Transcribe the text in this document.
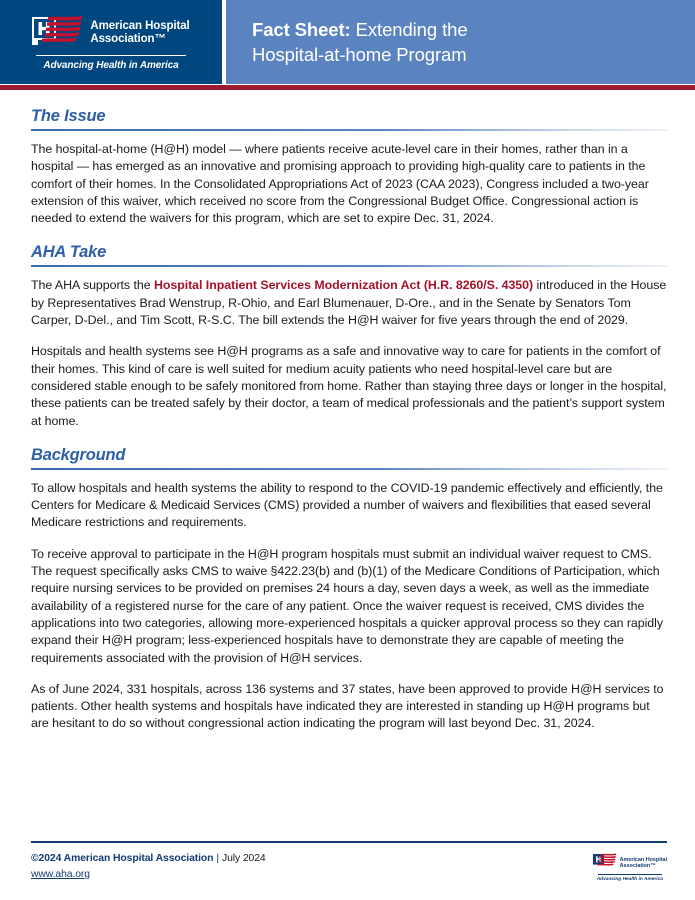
American Hospital
Association™
Advancing Health in America
Fact Sheet: Extending the
Hospital-at-home Program
The Issue

The hospital-at-home (H@H) model — where patients receive acute-level care in their homes, rather than in a hospital — has emerged as an innovative and promising approach to providing high-quality care to patients in the comfort of their homes. In the Consolidated Appropriations Act of 2023 (CAA 2023), Congress included a two-year extension of this waiver, which received no score from the Congressional Budget Office. Congressional action is needed to extend the waivers for this program, which are set to expire Dec. 31, 2024.

AHA Take

The AHA supports the Hospital Inpatient Services Modernization Act (H.R. 8260/S. 4350) introduced in the House by Representatives Brad Wenstrup, R-Ohio, and Earl Blumenauer, D-Ore., and in the Senate by Senators Tom Carper, D-Del., and Tim Scott, R-S.C. The bill extends the H@H waiver for five years through the end of 2029.

Hospitals and health systems see H@H programs as a safe and innovative way to care for patients in the comfort of their homes. This kind of care is well suited for medium acuity patients who need hospital-level care but are considered stable enough to be safely monitored from home. Rather than staying three days or longer in the hospital, these patients can be treated safely by their doctor, a team of medical professionals and the patient’s support system at home.

Background

To allow hospitals and health systems the ability to respond to the COVID-19 pandemic effectively and efficiently, the Centers for Medicare & Medicaid Services (CMS) provided a number of waivers and flexibilities that eased several Medicare restrictions and requirements.

To receive approval to participate in the H@H program hospitals must submit an individual waiver request to CMS. The request specifically asks CMS to waive §422.23(b) and (b)(1) of the Medicare Conditions of Participation, which require nursing services to be provided on premises 24 hours a day, seven days a week, as well as the immediate availability of a registered nurse for the care of any patient. Once the waiver request is received, CMS divides the applications into two categories, allowing more-experienced hospitals a quicker approval process so they can rapidly expand their H@H program; less-experienced hospitals have to demonstrate they are capable of meeting the requirements associated with the provision of H@H services.

As of June 2024, 331 hospitals, across 136 systems and 37 states, have been approved to provide H@H services to patients. Other health systems and hospitals have indicated they are interested in standing up H@H programs but are hesitant to do so without congressional action indicating the program will last beyond Dec. 31, 2024.

©2024 American Hospital Association | July 2024
www.aha.org
American Hospital
Association™
Advancing Health in America
